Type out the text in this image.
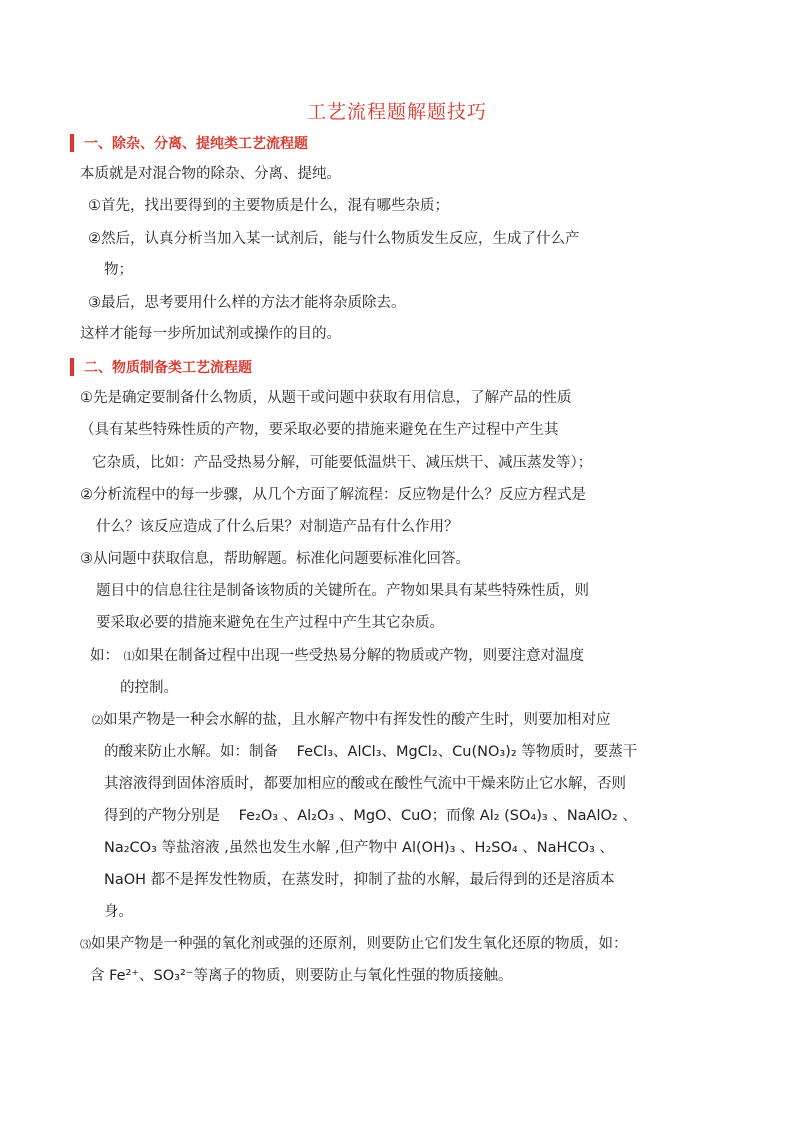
工艺流程题解题技巧
一、除杂、分离、提纯类工艺流程题
本质就是对混合物的除杂、分离、提纯。
①首先，找出要得到的主要物质是什么，混有哪些杂质；
②然后，认真分析当加入某一试剂后，能与什么物质发生反应，生成了什么产
物；
③最后，思考要用什么样的方法才能将杂质除去。
这样才能每一步所加试剂或操作的目的。
二、物质制备类工艺流程题
①先是确定要制备什么物质，从题干或问题中获取有用信息，了解产品的性质
（具有某些特殊性质的产物，要采取必要的措施来避免在生产过程中产生其
它杂质，比如：产品受热易分解，可能要低温烘干、减压烘干、减压蒸发等）；
②分析流程中的每一步骤，从几个方面了解流程：反应物是什么？反应方程式是
什么？该反应造成了什么后果？对制造产品有什么作用？
③从问题中获取信息，帮助解题。标准化问题要标准化回答。
题目中的信息往往是制备该物质的关键所在。产物如果具有某些特殊性质，则
要采取必要的措施来避免在生产过程中产生其它杂质。
如： ⑴如果在制备过程中出现一些受热易分解的物质或产物，则要注意对温度
的控制。
⑵如果产物是一种会水解的盐，且水解产物中有挥发性的酸产生时，则要加相对应
的酸来防止水解。如：制备 FeCl₃、AlCl₃、MgCl₂、Cu(NO₃)₂ 等物质时，要蒸干
其溶液得到固体溶质时，都要加相应的酸或在酸性气流中干燥来防止它水解，否则
得到的产物分别是 Fe₂O₃ 、Al₂O₃ 、MgO、CuO；而像 Al₂ (SO₄)₃ 、NaAlO₂ 、
Na₂CO₃ 等盐溶液 ,虽然也发生水解 ,但产物中 Al(OH)₃ 、H₂SO₄ 、NaHCO₃ 、
NaOH 都不是挥发性物质，在蒸发时，抑制了盐的水解，最后得到的还是溶质本
身。
⑶如果产物是一种强的氧化剂或强的还原剂，则要防止它们发生氧化还原的物质，如：
含 Fe²⁺、SO₃²⁻等离子的物质，则要防止与氧化性强的物质接触。
